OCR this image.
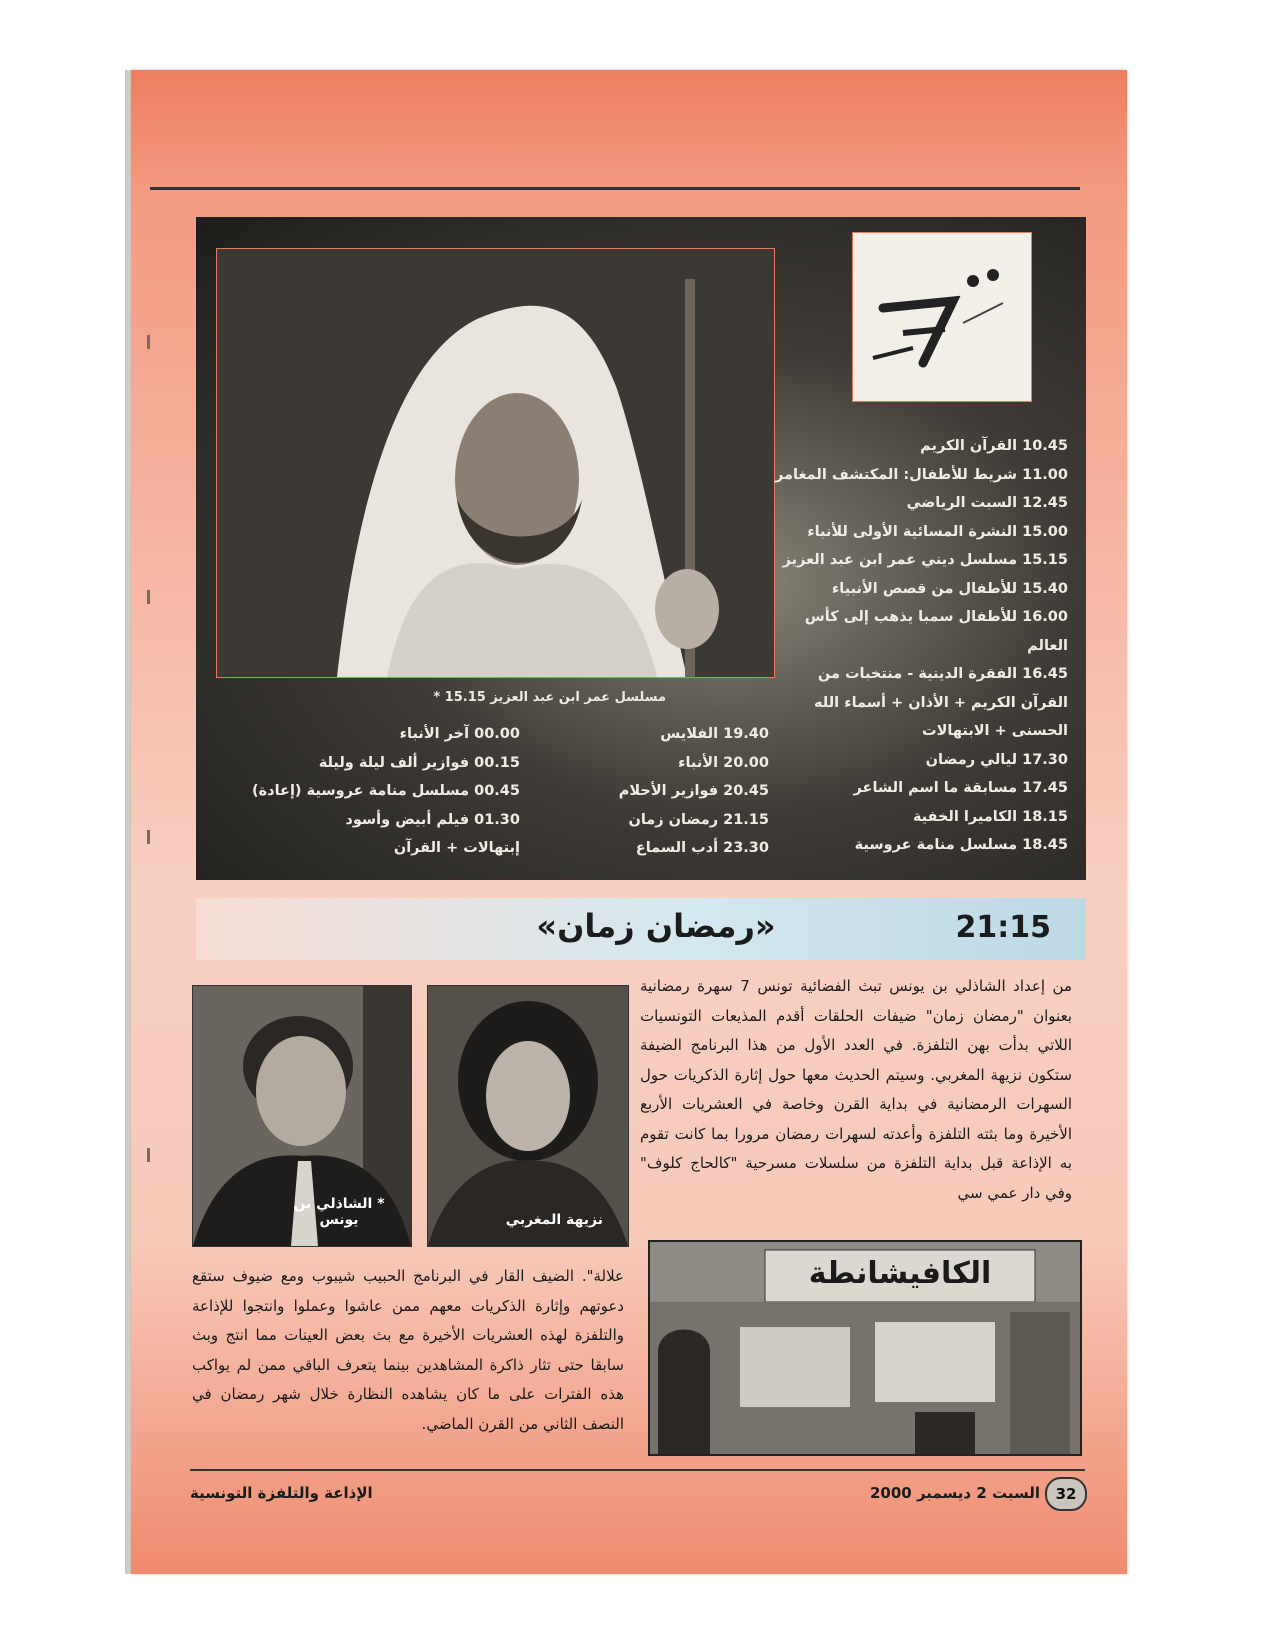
* مسلسل عمر ابن عبد العزيز 15.15
10.45 القرآن الكريم
11.00 شريط للأطفال: المكتشف المغامر
12.45 السبت الرياضي
15.00 النشرة المسائية الأولى للأنباء
15.15 مسلسل ديني عمر ابن عبد العزيز
15.40 للأطفال من قصص الأنبياء
16.00 للأطفال سمبا يذهب إلى كأس
العالم
16.45 الفقرة الدينية - منتخبات من
القرآن الكريم + الأذان + أسماء الله
الحسنى + الابتهالات
17.30 ليالي رمضان
17.45 مسابقة ما اسم الشاعر
18.15 الكاميرا الخفية
18.45 مسلسل منامة عروسية
19.40 الفلايس
20.00 الأنباء
20.45 فوازير الأحلام
21.15 رمضان زمان
23.30 أدب السماع
00.00 آخر الأنباء
00.15 فوازير ألف ليلة وليلة
00.45 مسلسل منامة عروسية (إعادة)
01.30 فيلم أبيض وأسود
إبتهالات + القرآن
21:15
«رمضان زمان»
من إعداد الشاذلي بن يونس تبث الفضائية تونس 7 سهرة رمضانية بعنوان "رمضان زمان" ضيفات الحلقات أقدم المذيعات التونسيات اللاتي بدأت بهن التلفزة. في العدد الأول من هذا البرنامج الضيفة ستكون نزيهة المغربي. وسيتم الحديث معها حول إثارة الذكريات حول السهرات الرمضانية في بداية القرن وخاصة في العشريات الأربع الأخيرة وما بثته التلفزة وأعدته لسهرات رمضان مرورا بما كانت تقوم به الإذاعة قبل بداية التلفزة من سلسلات مسرحية "كالحاج كلوف" وفي دار عمي سي
نزيهة المغربي
* الشاذلي بن يونس
الكافيشانطة
علالة". الضيف القار في البرنامج الحبيب شيبوب ومع ضيوف ستقع دعوتهم وإثارة الذكريات معهم ممن عاشوا وعملوا وانتجوا للإذاعة والتلفزة لهذه العشريات الأخيرة مع بث بعض العينات مما انتج وبث سابقا حتى تثار ذاكرة المشاهدين بينما يتعرف الباقي ممن لم يواكب هذه الفترات على ما كان يشاهده النظارة خلال شهر رمضان في النصف الثاني من القرن الماضي.
الإذاعة والتلفزة التونسية	السبت 2 ديسمبر 2000	32
